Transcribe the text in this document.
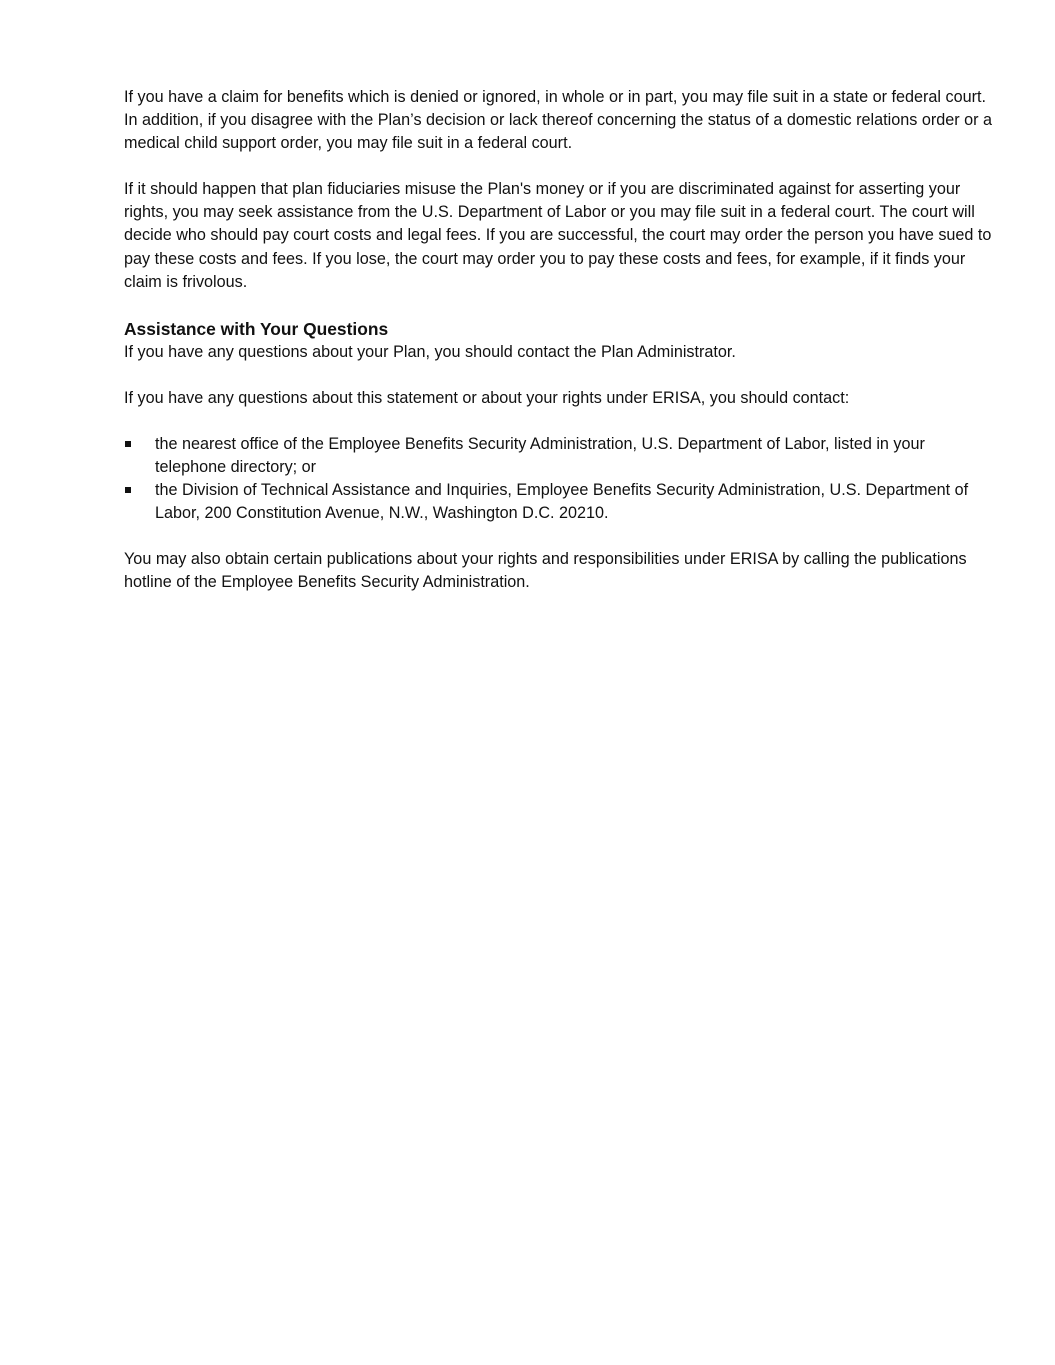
If you have a claim for benefits which is denied or ignored, in whole or in part, you may file suit in a state or federal court. In addition, if you disagree with the Plan’s decision or lack thereof concerning the status of a domestic relations order or a medical child support order, you may file suit in a federal court.

If it should happen that plan fiduciaries misuse the Plan's money or if you are discriminated against for asserting your rights, you may seek assistance from the U.S. Department of Labor or you may file suit in a federal court. The court will decide who should pay court costs and legal fees. If you are successful, the court may order the person you have sued to pay these costs and fees. If you lose, the court may order you to pay these costs and fees, for example, if it finds your claim is frivolous.

Assistance with Your Questions

If you have any questions about your Plan, you should contact the Plan Administrator.

If you have any questions about this statement or about your rights under ERISA, you should contact:

the nearest office of the Employee Benefits Security Administration, U.S. Department of Labor, listed in your telephone directory; or
the Division of Technical Assistance and Inquiries, Employee Benefits Security Administration, U.S. Department of Labor, 200 Constitution Avenue, N.W., Washington D.C. 20210.

You may also obtain certain publications about your rights and responsibilities under ERISA by calling the publications hotline of the Employee Benefits Security Administration.
